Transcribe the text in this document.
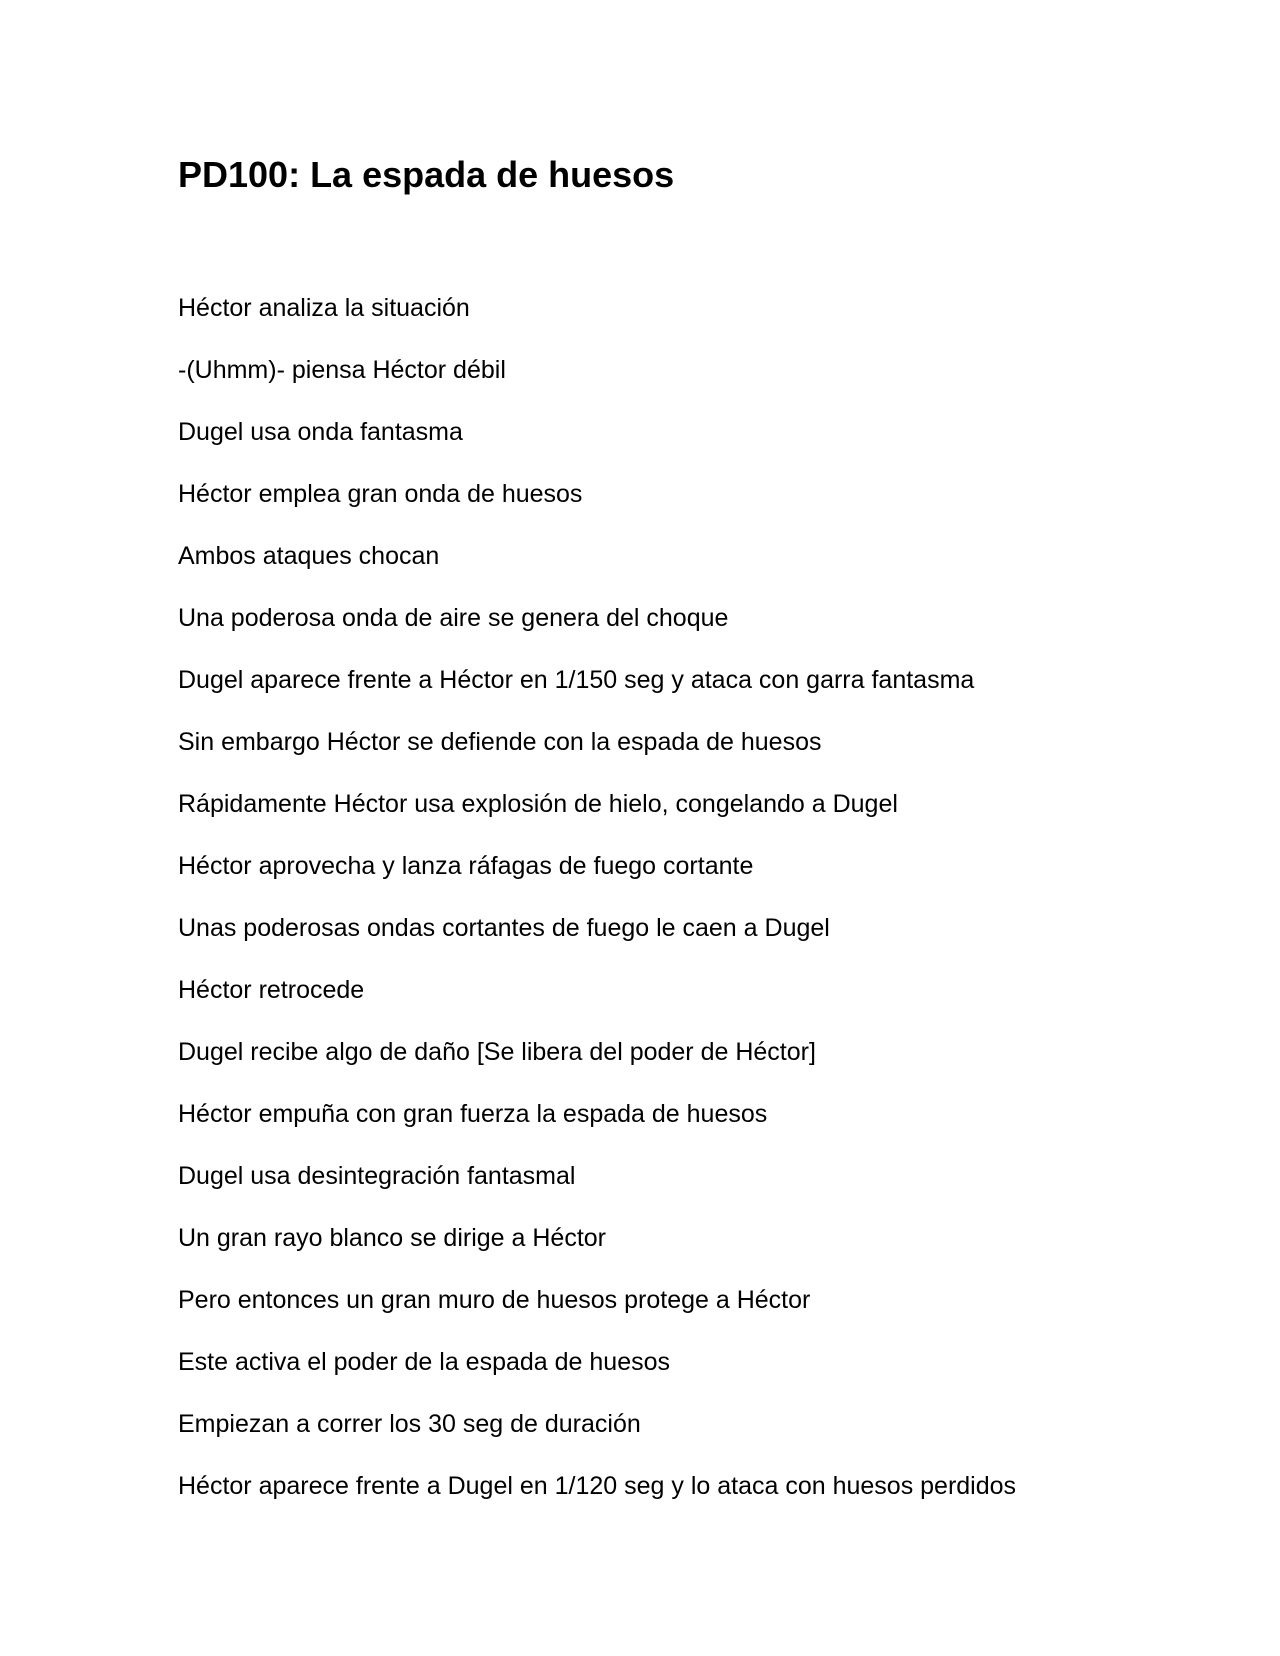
PD100: La espada de huesos

Héctor analiza la situación

-(Uhmm)- piensa Héctor débil

Dugel usa onda fantasma

Héctor emplea gran onda de huesos

Ambos ataques chocan

Una poderosa onda de aire se genera del choque

Dugel aparece frente a Héctor en 1/150 seg y ataca con garra fantasma

Sin embargo Héctor se defiende con la espada de huesos

Rápidamente Héctor usa explosión de hielo, congelando a Dugel

Héctor aprovecha y lanza ráfagas de fuego cortante

Unas poderosas ondas cortantes de fuego le caen a Dugel

Héctor retrocede

Dugel recibe algo de daño [Se libera del poder de Héctor]

Héctor empuña con gran fuerza la espada de huesos

Dugel usa desintegración fantasmal

Un gran rayo blanco se dirige a Héctor

Pero entonces un gran muro de huesos protege a Héctor

Este activa el poder de la espada de huesos

Empiezan a correr los 30 seg de duración

Héctor aparece frente a Dugel en 1/120 seg y lo ataca con huesos perdidos
